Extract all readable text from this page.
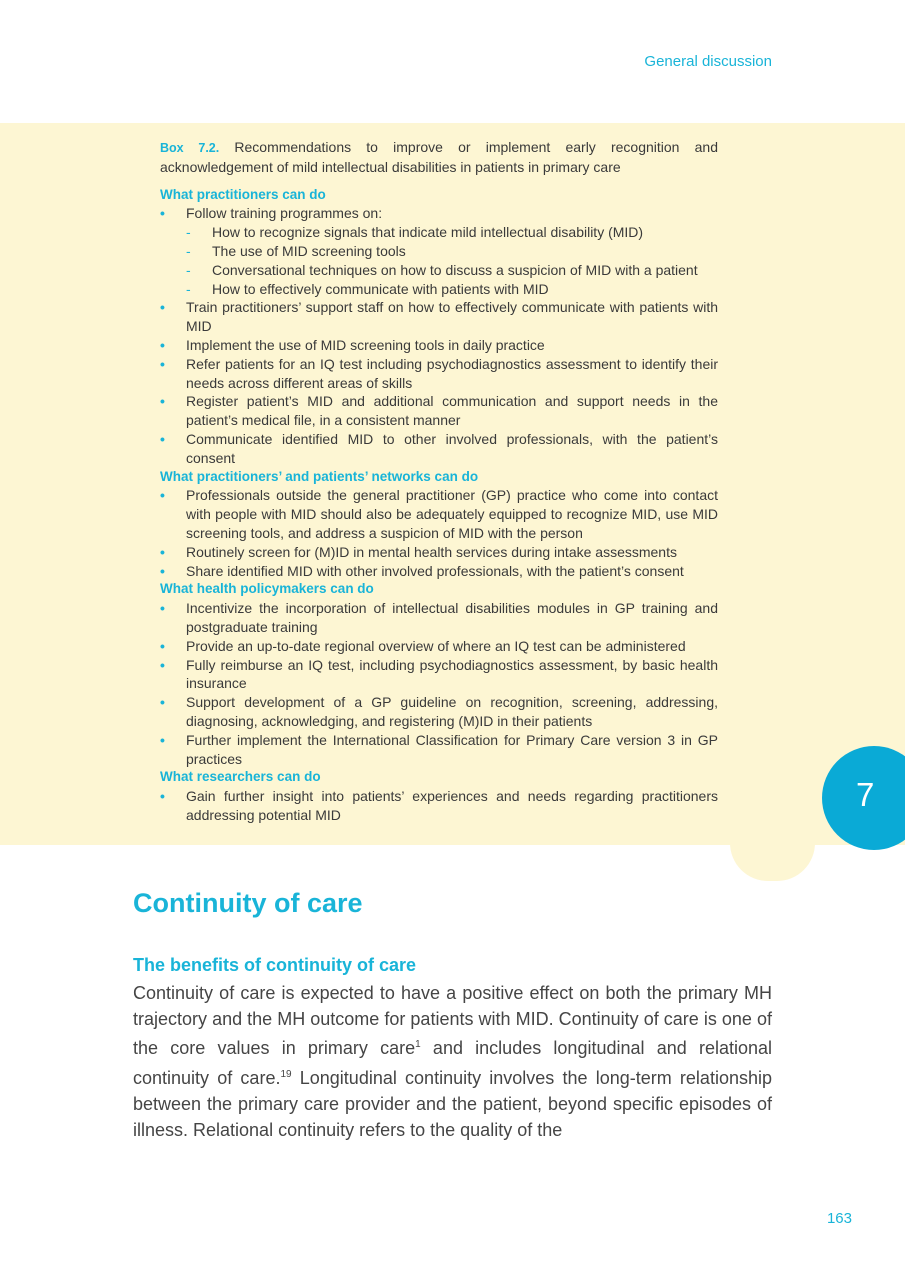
General discussion
7

Box 7.2. Recommendations to improve or implement early recognition and acknowledgement of mild intellectual disabilities in patients in primary care

What practitioners can do
• Follow training programmes on:
- How to recognize signals that indicate mild intellectual disability (MID)
- The use of MID screening tools
- Conversational techniques on how to discuss a suspicion of MID with a patient
- How to effectively communicate with patients with MID
• Train practitioners’ support staff on how to effectively communicate with patients with MID
• Implement the use of MID screening tools in daily practice
• Refer patients for an IQ test including psychodiagnostics assessment to identify their needs across different areas of skills
• Register patient’s MID and additional communication and support needs in the patient’s medical file, in a consistent manner
• Communicate identified MID to other involved professionals, with the patient’s consent
What practitioners’ and patients’ networks can do
• Professionals outside the general practitioner (GP) practice who come into contact with people with MID should also be adequately equipped to recognize MID, use MID screening tools, and address a suspicion of MID with the person
• Routinely screen for (M)ID in mental health services during intake assessments
• Share identified MID with other involved professionals, with the patient’s consent
What health policymakers can do
• Incentivize the incorporation of intellectual disabilities modules in GP training and postgraduate training
• Provide an up-to-date regional overview of where an IQ test can be administered
• Fully reimburse an IQ test, including psychodiagnostics assessment, by basic health insurance
• Support development of a GP guideline on recognition, screening, addressing, diagnosing, acknowledging, and registering (M)ID in their patients
• Further implement the International Classification for Primary Care version 3 in GP practices
What researchers can do
• Gain further insight into patients’ experiences and needs regarding practitioners addressing potential MID
Continuity of care
The benefits of continuity of care
Continuity of care is expected to have a positive effect on both the primary MH trajectory and the MH outcome for patients with MID. Continuity of care is one of the core values in primary care$^1$ and includes longitudinal and relational continuity of care.$^{19}$ Longitudinal continuity involves the long-term relationship between the primary care provider and the patient, beyond specific episodes of illness. Relational continuity refers to the quality of the
163
